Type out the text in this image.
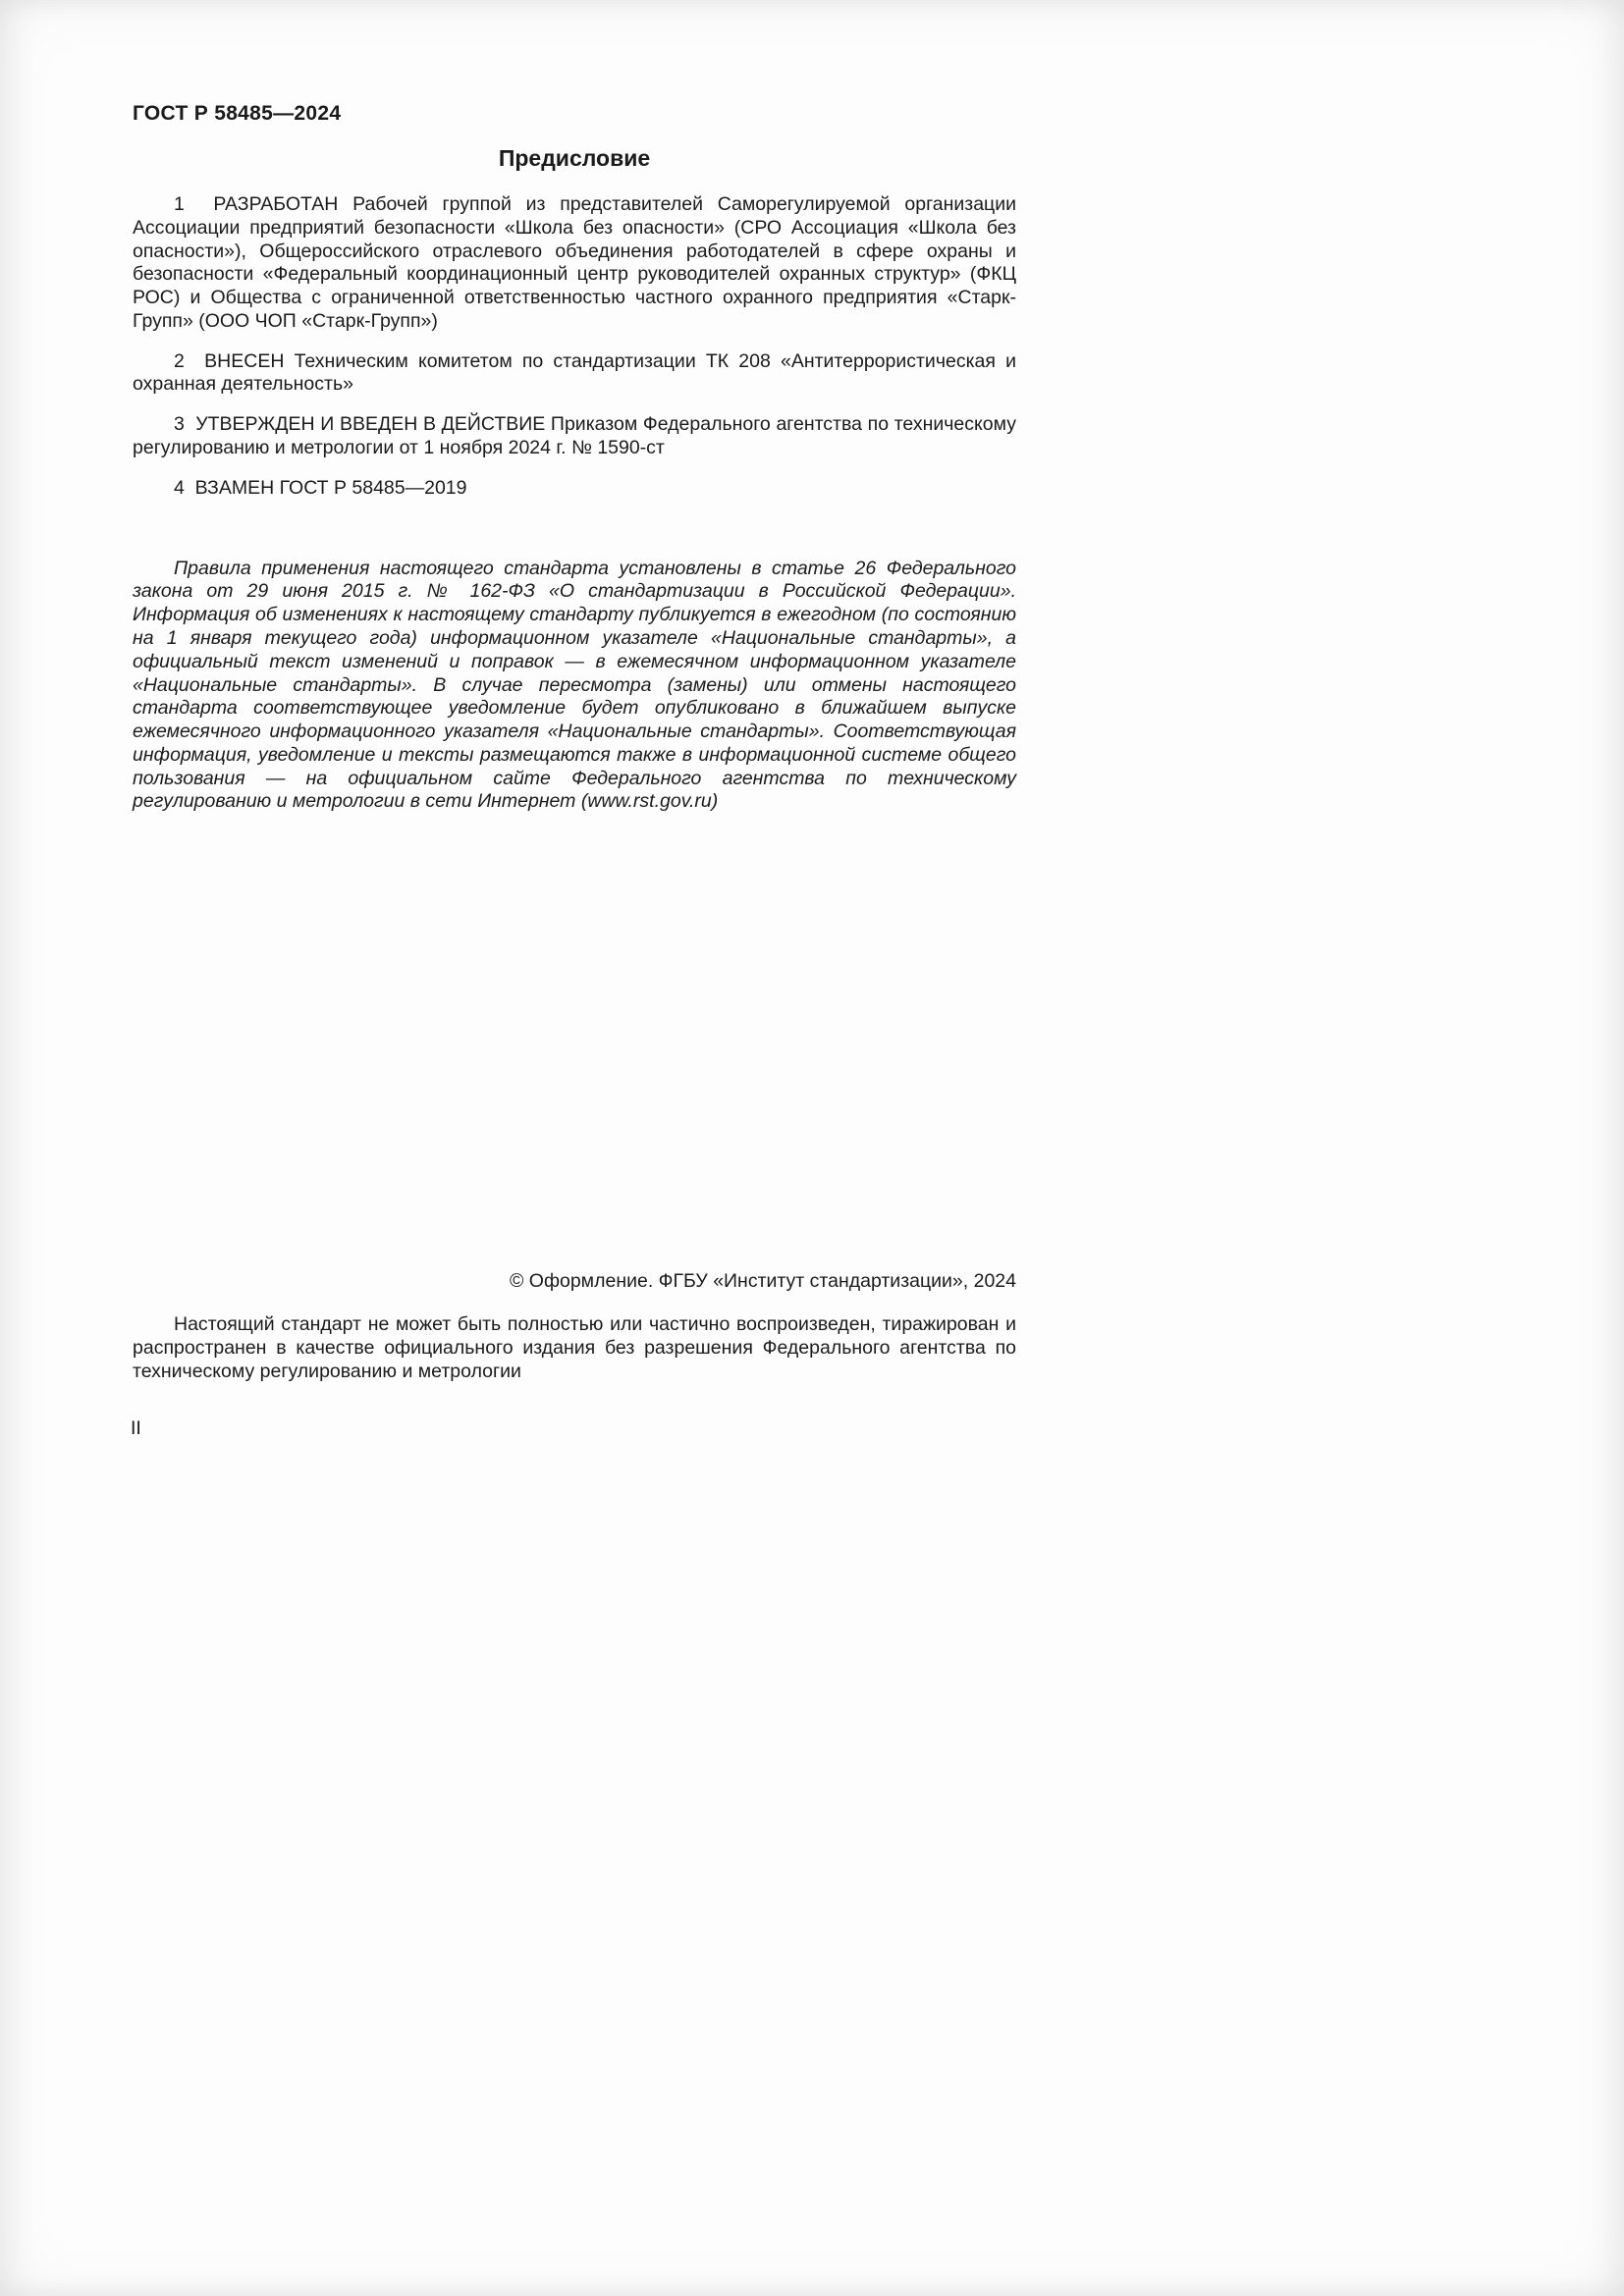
ГОСТ Р 58485—2024
Предисловие

1  РАЗРАБОТАН Рабочей группой из представителей Саморегулируемой организации Ассоциации предприятий безопасности «Школа без опасности» (СРО Ассоциация «Школа без опасности»), Общероссийского отраслевого объединения работодателей в сфере охраны и безопасности «Федеральный координационный центр руководителей охранных структур» (ФКЦ РОС) и Общества с ограниченной ответственностью частного охранного предприятия «Старк-Групп» (ООО ЧОП «Старк-Групп»)

2  ВНЕСЕН Техническим комитетом по стандартизации ТК 208 «Антитеррористическая и охранная деятельность»

3  УТВЕРЖДЕН И ВВЕДЕН В ДЕЙСТВИЕ Приказом Федерального агентства по техническому регулированию и метрологии от 1 ноября 2024 г. № 1590-ст

4  ВЗАМЕН ГОСТ Р 58485—2019

Правила применения настоящего стандарта установлены в статье 26 Федерального закона от 29 июня 2015 г. № 162-ФЗ «О стандартизации в Российской Федерации». Информация об изменениях к настоящему стандарту публикуется в ежегодном (по состоянию на 1 января текущего года) информационном указателе «Национальные стандарты», а официальный текст изменений и поправок — в ежемесячном информационном указателе «Национальные стандарты». В случае пересмотра (замены) или отмены настоящего стандарта соответствующее уведомление будет опубликовано в ближайшем выпуске ежемесячного информационного указателя «Национальные стандарты». Соответствующая информация, уведомление и тексты размещаются также в информационной системе общего пользования — на официальном сайте Федерального агентства по техническому регулированию и метрологии в сети Интернет (www.rst.gov.ru)

© Оформление. ФГБУ «Институт стандартизации», 2024

Настоящий стандарт не может быть полностью или частично воспроизведен, тиражирован и распространен в качестве официального издания без разрешения Федерального агентства по техническому регулированию и метрологии

II
